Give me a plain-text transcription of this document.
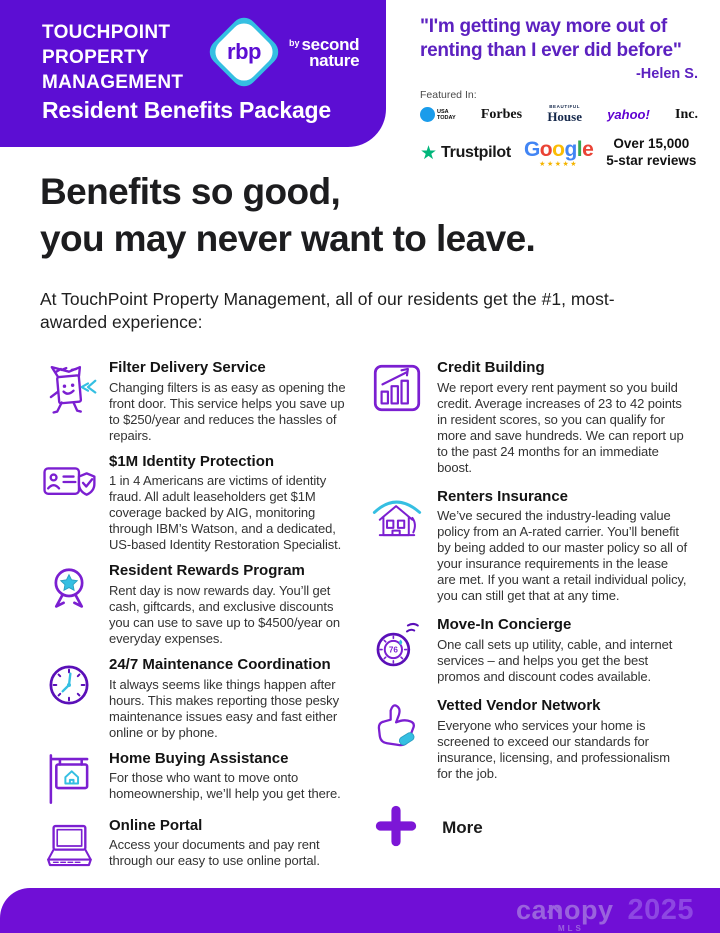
TOUCHPOINT PROPERTY MANAGEMENT
rbp	by second
nature
Resident Benefits Package
"I'm getting way more out of renting than I ever did before"
-Helen S.
Featured In:
USA
TODAY Forbes
BEAUTIFUL
House yahoo! Inc.
★ Trustpilot Google
★★★★★
Over 15,000
5-star reviews
Benefits so good,
you may never want to leave.
At TouchPoint Property Management, all of our residents get the #1, most-awarded experience:
Filter Delivery Service
Changing filters is as easy as opening the front door. This service helps you save up to $250/year and reduces the hassles of repairs.
$1M Identity Protection
1 in 4 Americans are victims of identity fraud. All adult leaseholders get $1M coverage backed by AIG, monitoring through IBM’s Watson, and a dedicated, US-based Identity Restoration Specialist.
Resident Rewards Program
Rent day is now rewards day. You’ll get cash, giftcards, and exclusive discounts you can use to save up to $4500/year on everyday expenses.
24/7 Maintenance Coordination
It always seems like things happen after hours. This makes reporting those pesky maintenance issues easy and fast either online or by phone.
Home Buying Assistance
For those who want to move onto homeownership, we’ll help you get there.
Online Portal
Access your documents and pay rent through our easy to use online portal.
Credit Building
We report every rent payment so you build credit. Average increases of 23 to 42 points in resident scores, so you can qualify for more and save hundreds. We can report up to the past 24 months for an immediate boost.
Renters Insurance
We’ve secured the industry-leading value policy from an A-rated carrier. You’ll benefit by being added to our master policy so all of your insurance requirements in the lease are met. If you want a retail individual policy, you can still get that at any time.
76
Move-In Concierge
One call sets up utility, cable, and internet services – and helps you get the best promos and discount codes available.
Vetted Vendor Network
Everyone who services your home is screened to exceed our standards for insurance, licensing, and professionalism for the job.
More
canopy
MLS
2025
